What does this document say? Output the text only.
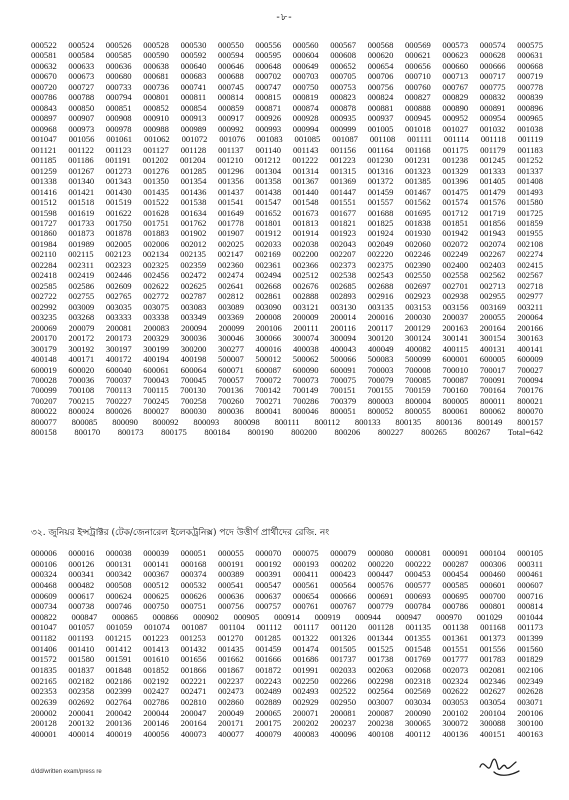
-৮-
000522 000524 000526 000528 000530 000550 000556 000560 000567 000568 000569 000573 000574 000575
000581 000584 000585 000590 000592 000594 000595 000604 000608 000620 000621 000623 000628 000631
000632 000633 000636 000638 000640 000646 000648 000649 000652 000654 000656 000660 000666 000668
000670 000673 000680 000681 000683 000688 000702 000703 000705 000706 000710 000713 000717 000719
000720 000727 000733 000736 000741 000745 000747 000750 000753 000756 000760 000767 000775 000778
000786 000788 000794 000801 000811 000814 000815 000819 000823 000824 000827 000829 000832 000839
000843 000850 000851 000852 000854 000859 000871 000874 000878 000881 000888 000890 000891 000896
000897 000907 000908 000910 000913 000917 000926 000928 000935 000937 000945 000952 000954 000965
000968 000973 000978 000988 000989 000992 000993 000994 000999 001005 001018 001027 001032 001038
001047 001056 001061 001062 001072 001076 001083 001085 001087 001108 001111 001114 001118 001119
001121 001122 001123 001127 001128 001137 001140 001143 001156 001164 001168 001175 001179 001183
001185 001186 001191 001202 001204 001210 001212 001222 001223 001230 001231 001238 001245 001252
001259 001267 001273 001276 001285 001296 001304 001314 001315 001316 001323 001329 001333 001337
001338 001340 001343 001350 001354 001356 001358 001367 001369 001372 001385 001396 001405 001408
001416 001421 001430 001435 001436 001437 001438 001440 001447 001459 001467 001475 001479 001493
001512 001518 001519 001522 001538 001541 001547 001548 001551 001557 001562 001574 001576 001580
001598 001619 001622 001628 001634 001649 001652 001673 001677 001688 001695 001712 001719 001725
001727 001733 001750 001751 001762 001778 001801 001813 001821 001825 001838 001851 001856 001859
001860 001873 001878 001883 001902 001907 001912 001914 001923 001924 001930 001942 001943 001955
001984 001989 002005 002006 002012 002025 002033 002038 002043 002049 002060 002072 002074 002108
002110 002115 002123 002134 002135 002147 002169 002200 002207 002220 002246 002249 002267 002274
002284 002311 002323 002325 002359 002360 002361 002366 002373 002375 002390 002400 002403 002415
002418 002419 002446 002456 002472 002474 002494 002512 002538 002543 002550 002558 002562 002567
002585 002586 002609 002622 002625 002641 002668 002676 002685 002688 002697 002701 002713 002718
002722 002755 002765 002772 002787 002812 002861 002888 002893 002916 002923 002938 002955 002977
002992 003009 003035 003075 003083 003089 003090 003121 003130 003135 003153 003156 003169 003211
003235 003268 003333 003338 003349 003369 200008 200009 200014 200016 200030 200037 200055 200064
200069 200079 200081 200083 200094 200099 200106 200111 200116 200117 200129 200163 200164 200166
200170 200172 200173 200329 300036 300046 300066 300074 300094 300120 300124 300141 300154 300163
300179 300192 300197 300199 300200 300277 400016 400038 400043 400049 400082 400115 400131 400141
400148 400171 400172 400194 400198 500007 500012 500062 500066 500083 500099 600001 600005 600009
600019 600020 600040 600061 600064 600071 600087 600090 600091 700003 700008 700010 700017 700027
700028 700036 700037 700043 700045 700057 700072 700073 700075 700079 700085 700087 700091 700094
700099 700108 700113 700115 700130 700136 700142 700149 700151 700155 700159 700160 700164 700176
700207 700215 700227 700245 700258 700260 700271 700286 700379 800003 800004 800005 800011 800021
800022 800024 800026 800027 800030 800036 800041 800046 800051 800052 800055 800061 800062 800070
800077 800085 800090 800092 800093 800098 800111 800112 800133 800135 800136 800149 800157
800158 800170 800173 800175 800184 800190 800200 800206 800227 800265 800267 Total=642
৩২. জুনিয়র ইন্সট্রাক্টর (টেক/জেনারেল ইলেকট্রনিক্স) পদে উত্তীর্ণ প্রার্থীদের রেজি. নং
000006 000016 000038 000039 000051 000055 000070 000075 000079 000080 000081 000091 000104 000105
000106 000126 000131 000141 000168 000191 000192 000193 000202 000220 000222 000287 000306 000311
000324 000341 000342 000367 000374 000389 000391 000411 000423 000447 000453 000454 000460 000461
000468 000482 000508 000512 000532 000541 000547 000561 000564 000576 000577 000585 000601 000607
000609 000617 000624 000625 000626 000636 000637 000654 000666 000691 000693 000695 000700 000716
000734 000738 000746 000750 000751 000756 000757 000761 000767 000779 000784 000786 000801 000814
000822 000847 000865 000866 000902 000905 000914 000919 000944 000947 000970 001029 001044
001047 001057 001059 001074 001087 001104 001112 001117 001120 001128 001135 001138 001168 001173
001182 001193 001215 001223 001253 001270 001285 001322 001326 001344 001355 001361 001373 001399
001406 001410 001412 001413 001432 001435 001459 001474 001505 001525 001548 001551 001556 001560
001572 001580 001591 001610 001656 001662 001666 001686 001737 001738 001769 001777 001783 001829
001835 001837 001848 001852 001866 001867 001872 001991 002033 002063 002068 002073 002081 002106
002165 002182 002186 002192 002221 002237 002243 002250 002266 002298 002318 002324 002346 002349
002353 002358 002399 002427 002471 002473 002489 002493 002522 002564 002569 002622 002627 002628
002639 002692 002764 002786 002810 002860 002889 002929 002950 003007 003034 003053 003054 003071
200002 200041 200042 200044 200047 200049 200065 200071 200081 200087 200090 200102 200104 200106
200128 200132 200136 200146 200164 200171 200175 200202 200237 200238 300065 300072 300088 300100
400001 400014 400019 400056 400073 400077 400079 400083 400096 400108 400112 400136 400151 400163
d/dd/written exam/press re
